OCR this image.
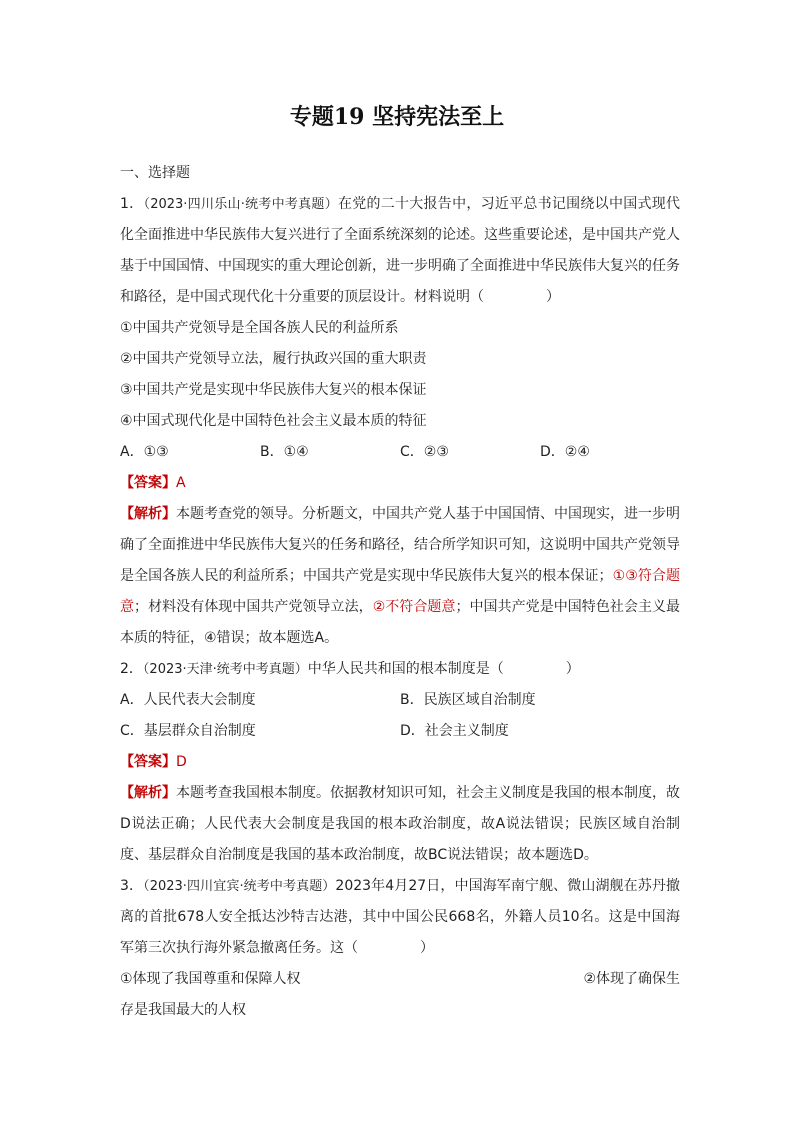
专题19 坚持宪法至上
一、选择题
1．（2023·四川乐山·统考中考真题）在党的二十大报告中，习近平总书记围绕以中国式现代化全面推进中华民族伟大复兴进行了全面系统深刻的论述。这些重要论述，是中国共产党人基于中国国情、中国现实的重大理论创新，进一步明确了全面推进中华民族伟大复兴的任务和路径，是中国式现代化十分重要的顶层设计。材料说明（	）
①中国共产党领导是全国各族人民的利益所系
②中国共产党领导立法，履行执政兴国的重大职责
③中国共产党是实现中华民族伟大复兴的根本保证
④中国式现代化是中国特色社会主义最本质的特征
A．①③	B．①④	C．②③	D．②④
【答案】A
【解析】本题考查党的领导。分析题文，中国共产党人基于中国国情、中国现实，进一步明确了全面推进中华民族伟大复兴的任务和路径，结合所学知识可知，这说明中国共产党领导是全国各族人民的利益所系；中国共产党是实现中华民族伟大复兴的根本保证；①③符合题意；材料没有体现中国共产党领导立法，②不符合题意；中国共产党是中国特色社会主义最本质的特征，④错误；故本题选A。
2．（2023·天津·统考中考真题）中华人民共和国的根本制度是（	）
A．人民代表大会制度	B．民族区域自治制度
C．基层群众自治制度	D．社会主义制度
【答案】D
【解析】本题考查我国根本制度。依据教材知识可知，社会主义制度是我国的根本制度，故D说法正确；人民代表大会制度是我国的根本政治制度，故A说法错误；民族区域自治制度、基层群众自治制度是我国的基本政治制度，故BC说法错误；故本题选D。
3．（2023·四川宜宾·统考中考真题）2023年4月27日，中国海军南宁舰、微山湖舰在苏丹撤离的首批678人安全抵达沙特吉达港，其中中国公民668名，外籍人员10名。这是中国海军第三次执行海外紧急撤离任务。这（	）
①体现了我国尊重和保障人权	②体现了确保生
存是我国最大的人权
